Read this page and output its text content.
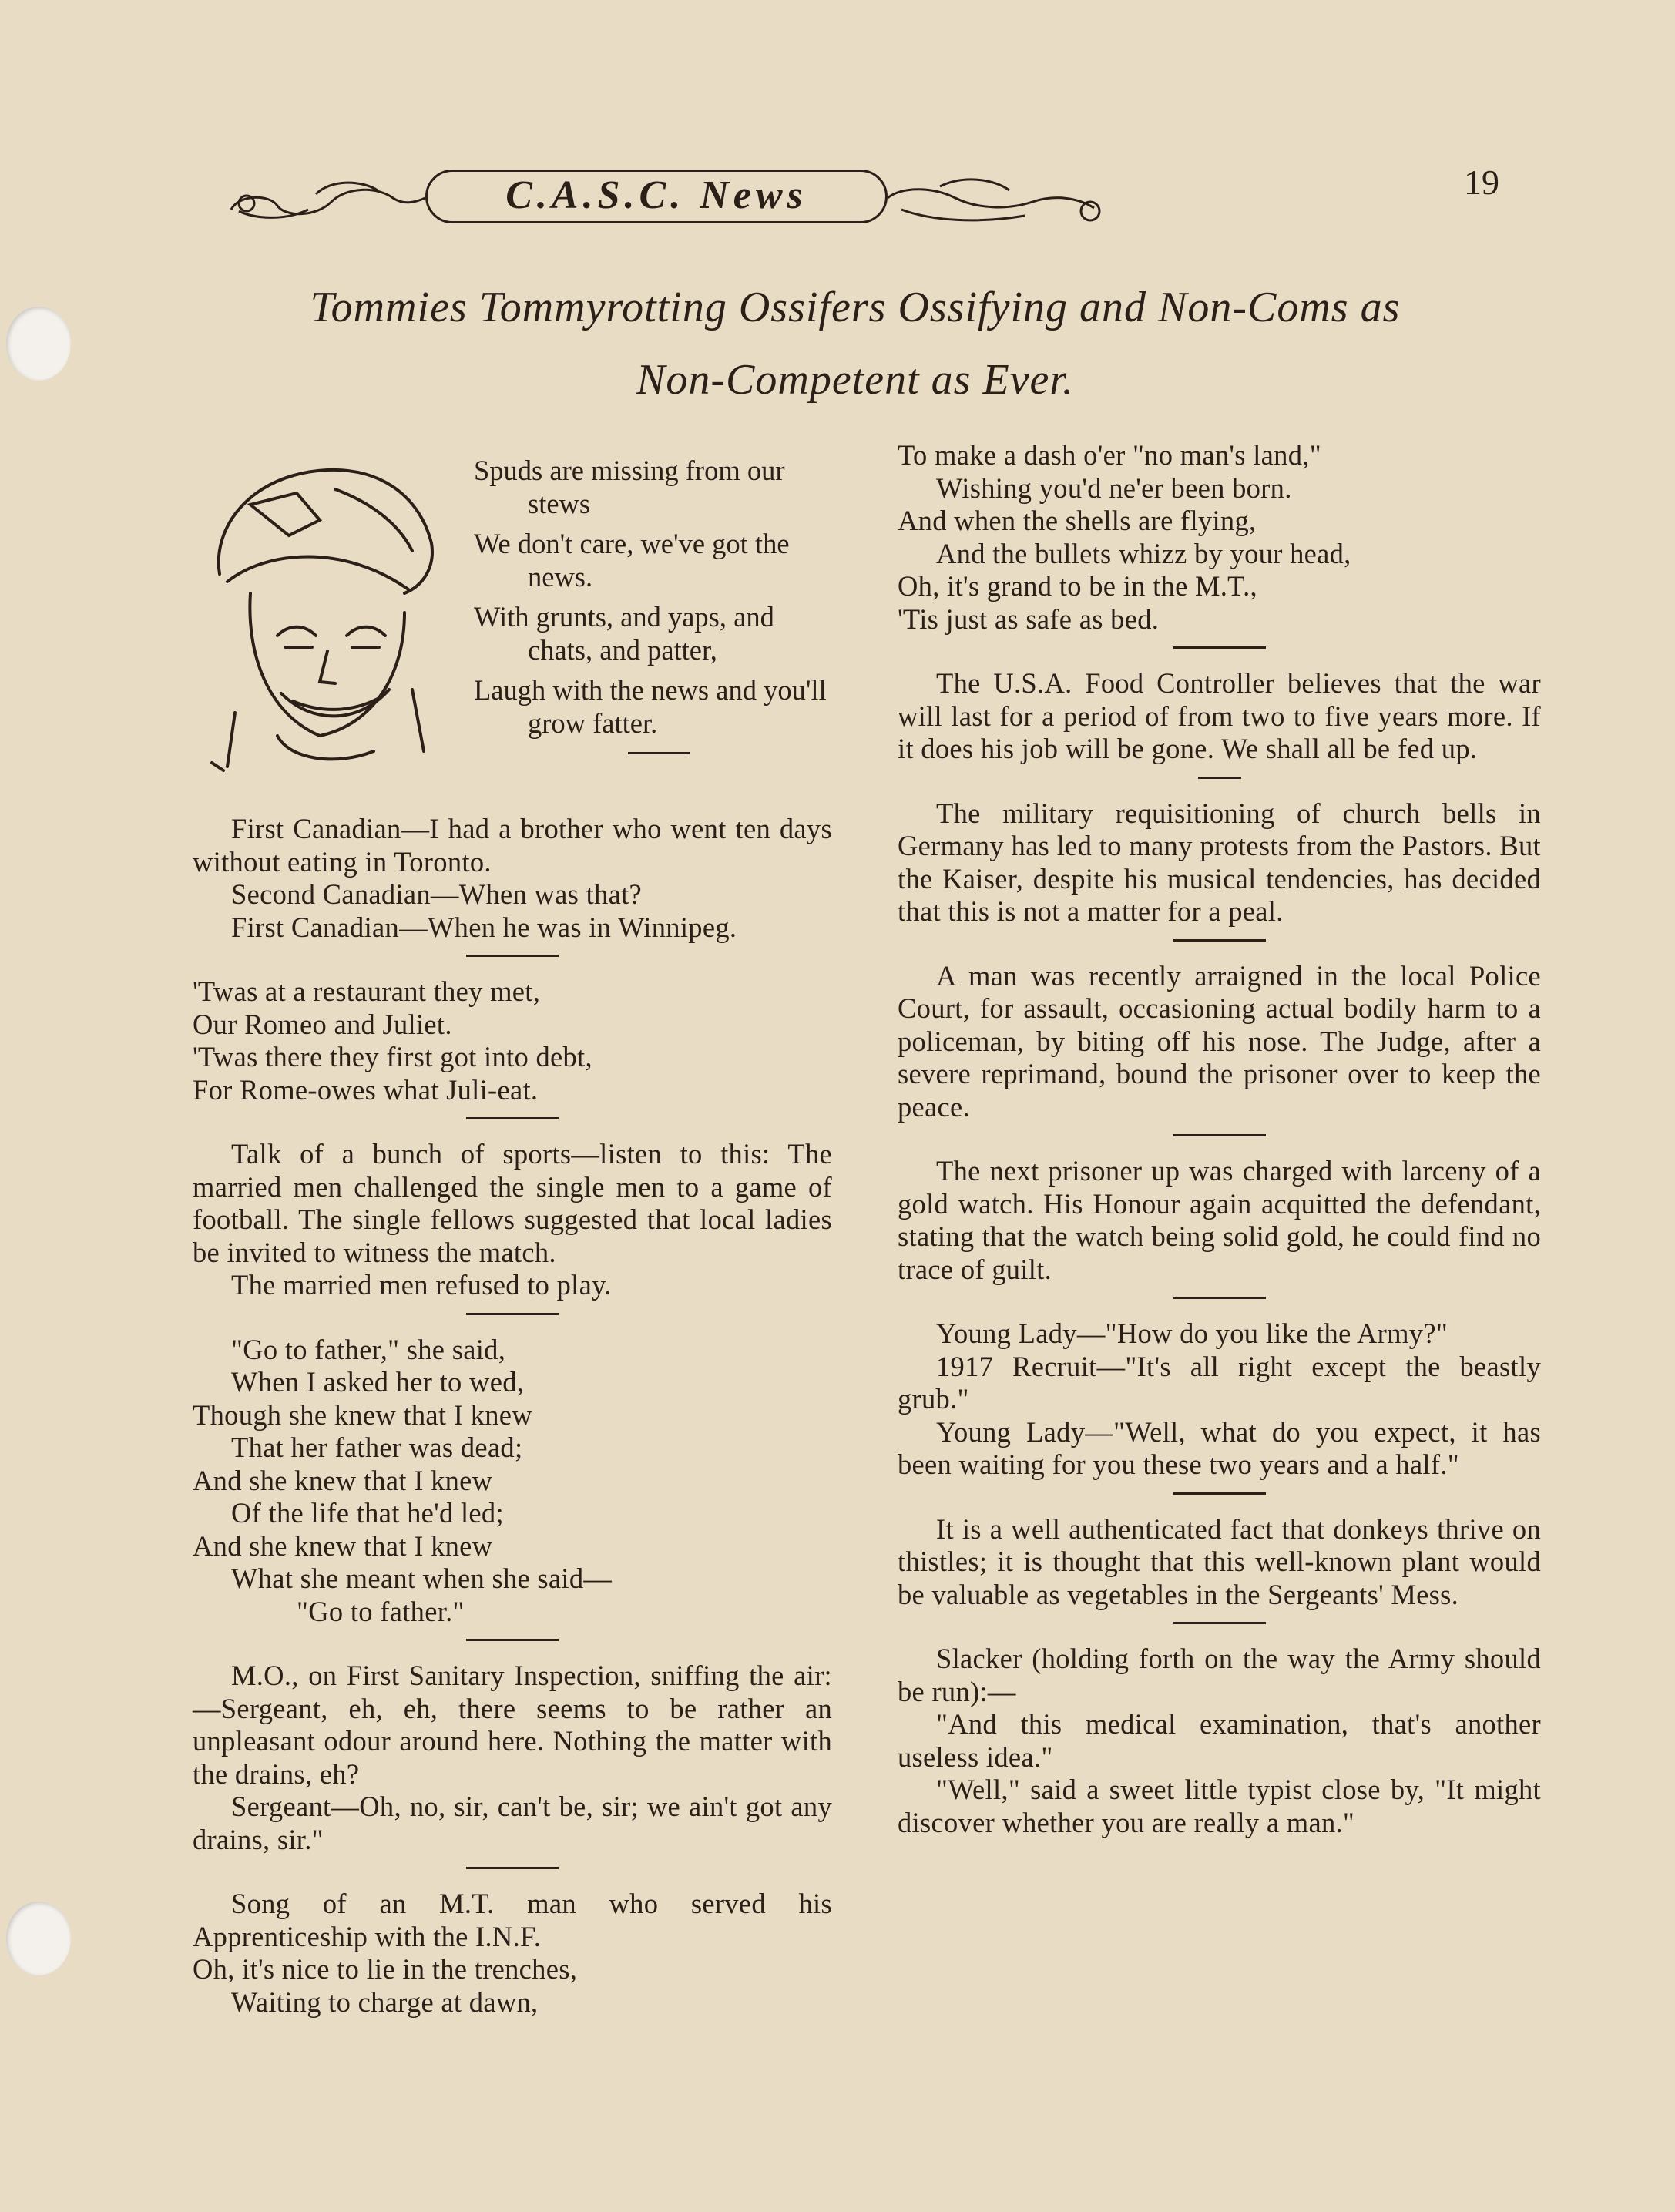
19
C.A.S.C. News
Tommies Tommyrotting Ossifers Ossifying and Non-Coms as
Non-Competent as Ever.

Spuds are missing from our stews

We don't care, we've got the news.

With grunts, and yaps, and chats, and patter,

Laugh with the news and you'll grow fatter.

First Canadian—I had a brother who went ten days without eating in Toronto.

Second Canadian—When was that?

First Canadian—When he was in Winnipeg.

'Twas at a restaurant they met,

Our Romeo and Juliet.

'Twas there they first got into debt,

For Rome-owes what Juli-eat.

Talk of a bunch of sports—listen to this: The married men challenged the single men to a game of football. The single fellows suggested that local ladies be invited to witness the match.

The married men refused to play.

"Go to father," she said,

When I asked her to wed,

Though she knew that I knew

That her father was dead;

And she knew that I knew

Of the life that he'd led;

And she knew that I knew

What she meant when she said—

"Go to father."

M.O., on First Sanitary Inspection, sniffing the air:—Sergeant, eh, eh, there seems to be rather an unpleasant odour around here. Nothing the matter with the drains, eh?

Sergeant—Oh, no, sir, can't be, sir; we ain't got any drains, sir."

Song of an M.T. man who served his Apprenticeship with the I.N.F.

Oh, it's nice to lie in the trenches,

Waiting to charge at dawn,

To make a dash o'er "no man's land,"

Wishing you'd ne'er been born.

And when the shells are flying,

And the bullets whizz by your head,

Oh, it's grand to be in the M.T.,

'Tis just as safe as bed.

The U.S.A. Food Controller believes that the war will last for a period of from two to five years more. If it does his job will be gone. We shall all be fed up.

The military requisitioning of church bells in Germany has led to many protests from the Pastors. But the Kaiser, despite his musical tendencies, has decided that this is not a matter for a peal.

A man was recently arraigned in the local Police Court, for assault, occasioning actual bodily harm to a policeman, by biting off his nose. The Judge, after a severe reprimand, bound the prisoner over to keep the peace.

The next prisoner up was charged with larceny of a gold watch. His Honour again acquitted the defendant, stating that the watch being solid gold, he could find no trace of guilt.

Young Lady—"How do you like the Army?"

1917 Recruit—"It's all right except the beastly grub."

Young Lady—"Well, what do you expect, it has been waiting for you these two years and a half."

It is a well authenticated fact that donkeys thrive on thistles; it is thought that this well-known plant would be valuable as vegetables in the Sergeants' Mess.

Slacker (holding forth on the way the Army should be run):—

"And this medical examination, that's another useless idea."

"Well," said a sweet little typist close by, "It might discover whether you are really a man."
